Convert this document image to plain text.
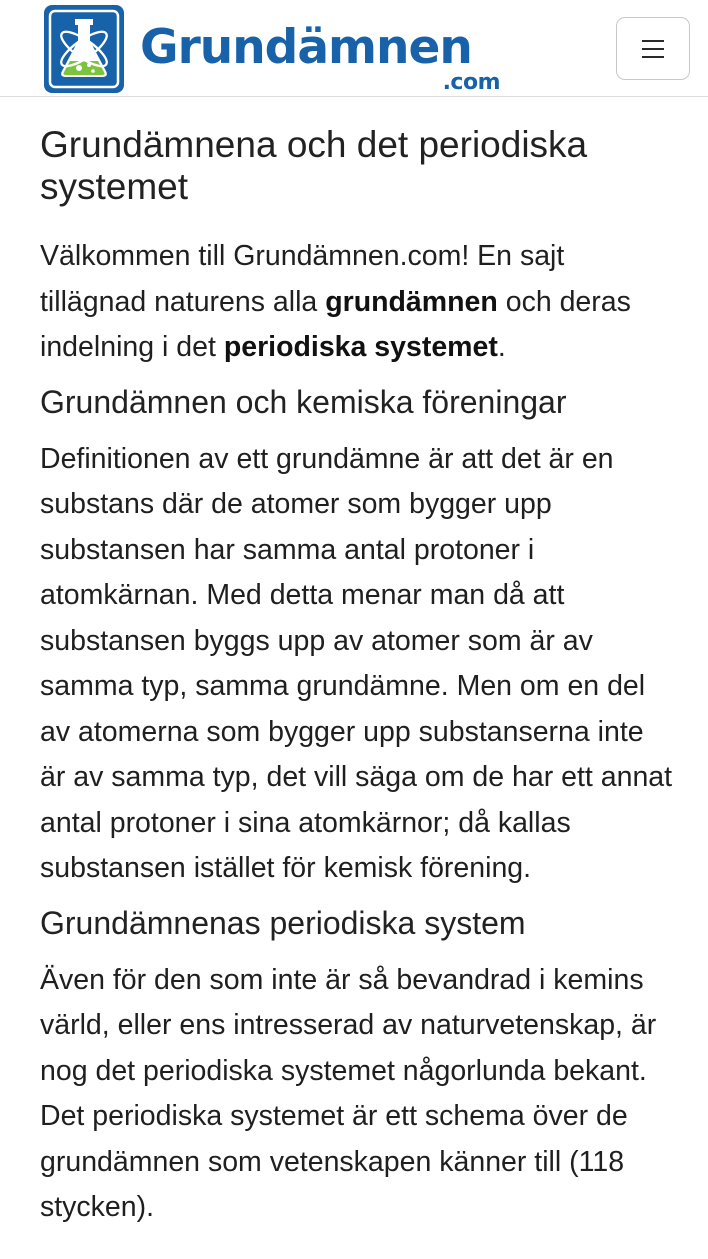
Grundämnen
.com
Grundämnena och det periodiska systemet

Välkommen till Grundämnen.com! En sajt tillägnad naturens alla grundämnen och deras indelning i det periodiska systemet.

Grundämnen och kemiska föreningar

Definitionen av ett grundämne är att det är en substans där de atomer som bygger upp substansen har samma antal protoner i atomkärnan. Med detta menar man då att substansen byggs upp av atomer som är av samma typ, samma grundämne. Men om en del av atomerna som bygger upp substanserna inte är av samma typ, det vill säga om de har ett annat antal protoner i sina atomkärnor; då kallas substansen istället för kemisk förening.

Grundämnenas periodiska system

Även för den som inte är så bevandrad i kemins värld, eller ens intresserad av naturvetenskap, är nog det periodiska systemet någorlunda bekant. Det periodiska systemet är ett schema över de grundämnen som vetenskapen känner till (118 stycken).
